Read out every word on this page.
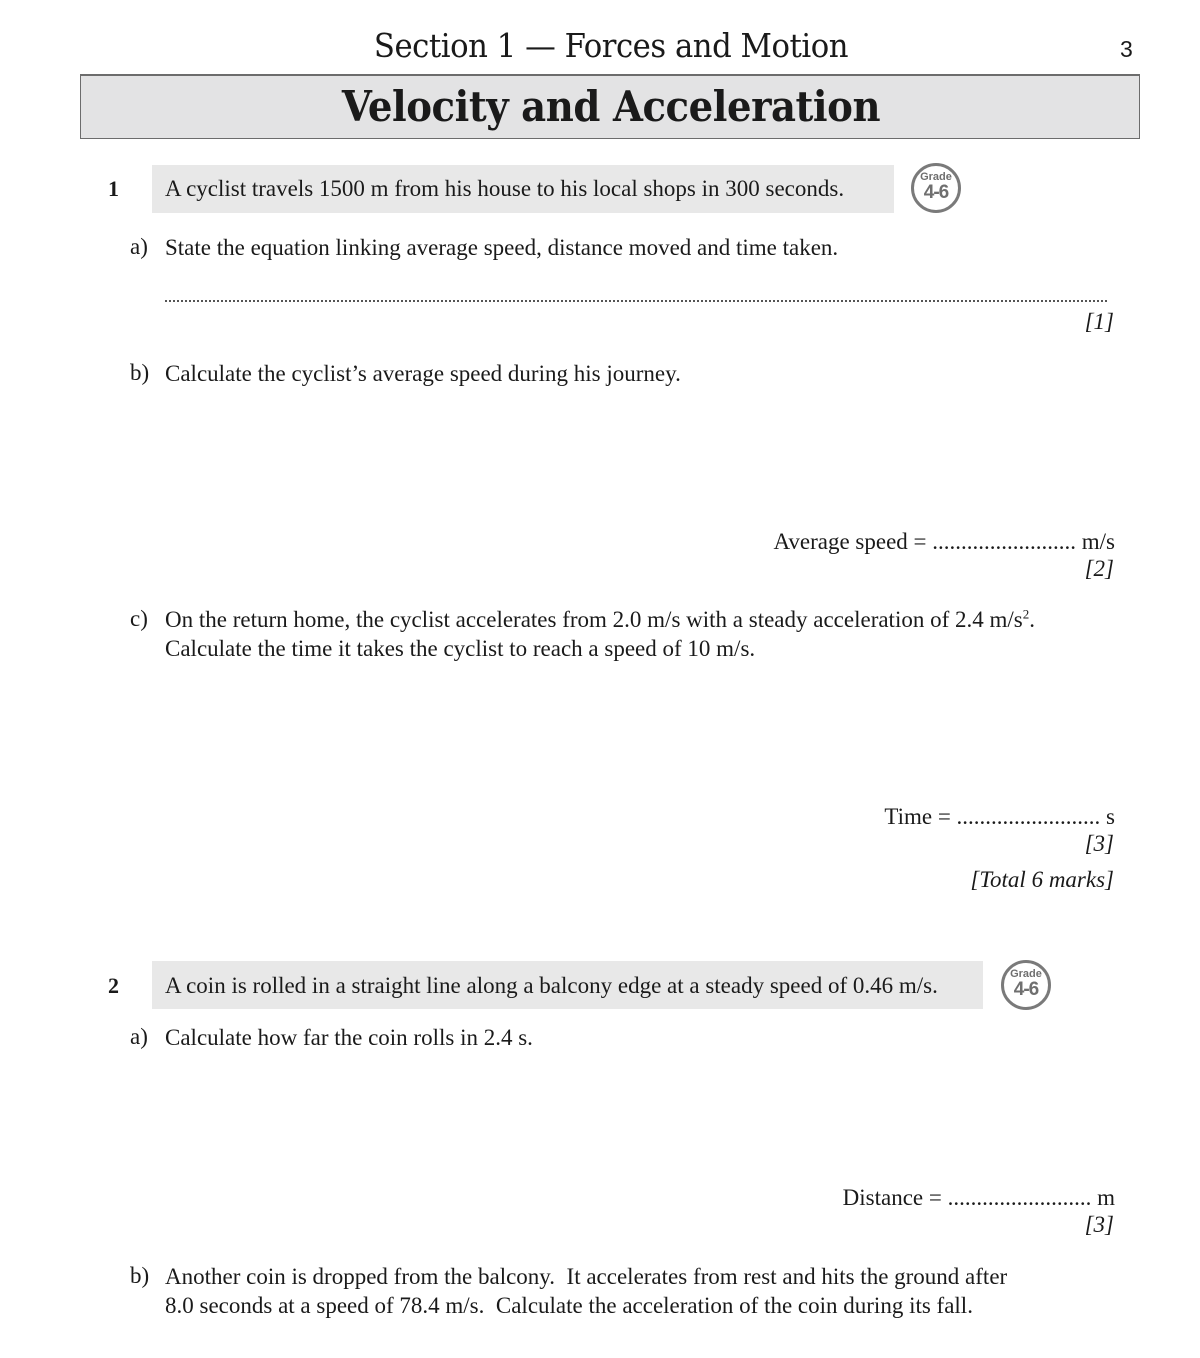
Section 1 — Forces and Motion	3
Velocity and Acceleration
1 A cyclist travels 1500 m from his house to his local shops in 300 seconds.	Grade
4-6
a) State the equation linking average speed, distance moved and time taken.
[1]
b) Calculate the cyclist’s average speed during his journey.
Average speed = ......................... m/s
[2]
c) On the return home, the cyclist accelerates from 2.0 m/s with a steady acceleration of 2.4 $m/s^2$.
Calculate the time it takes the cyclist to reach a speed of 10 m/s.
Time = ......................... s
[3]
[Total 6 marks]
2 A coin is rolled in a straight line along a balcony edge at a steady speed of 0.46 m/s.	Grade
4-6
a) Calculate how far the coin rolls in 2.4 s.
Distance = ......................... m
[3]
b) Another coin is dropped from the balcony.  It accelerates from rest and hits the ground after
8.0 seconds at a speed of 78.4 m/s.  Calculate the acceleration of the coin during its fall.
